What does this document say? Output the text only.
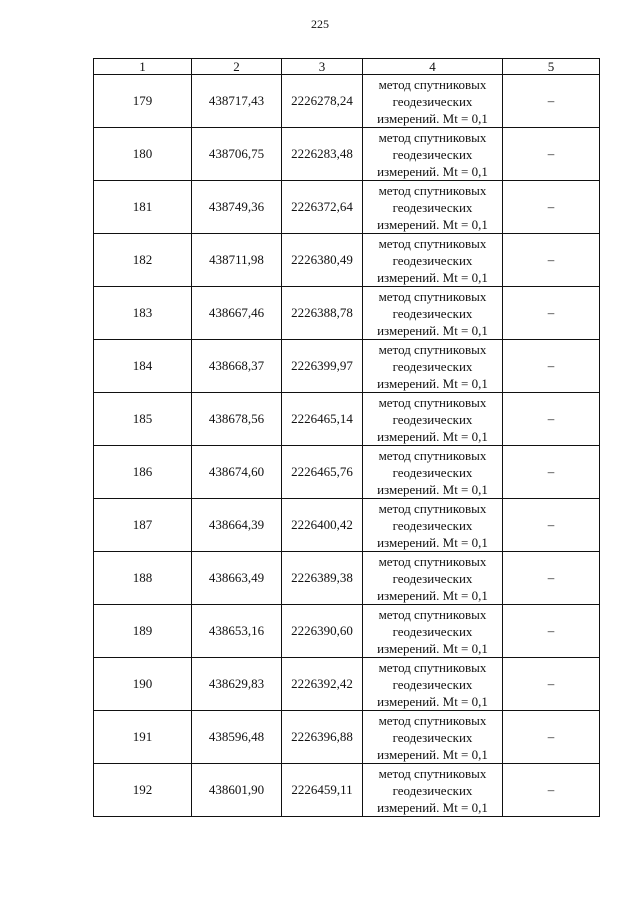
225
1	2	3	4	5
179	438717,43	2226278,24	метод спутниковых
геодезических
измерений. Mt = 0,1	–
180	438706,75	2226283,48	метод спутниковых
геодезических
измерений. Mt = 0,1	–
181	438749,36	2226372,64	метод спутниковых
геодезических
измерений. Mt = 0,1	–
182	438711,98	2226380,49	метод спутниковых
геодезических
измерений. Mt = 0,1	–
183	438667,46	2226388,78	метод спутниковых
геодезических
измерений. Mt = 0,1	–
184	438668,37	2226399,97	метод спутниковых
геодезических
измерений. Mt = 0,1	–
185	438678,56	2226465,14	метод спутниковых
геодезических
измерений. Mt = 0,1	–
186	438674,60	2226465,76	метод спутниковых
геодезических
измерений. Mt = 0,1	–
187	438664,39	2226400,42	метод спутниковых
геодезических
измерений. Mt = 0,1	–
188	438663,49	2226389,38	метод спутниковых
геодезических
измерений. Mt = 0,1	–
189	438653,16	2226390,60	метод спутниковых
геодезических
измерений. Mt = 0,1	–
190	438629,83	2226392,42	метод спутниковых
геодезических
измерений. Mt = 0,1	–
191	438596,48	2226396,88	метод спутниковых
геодезических
измерений. Mt = 0,1	–
192	438601,90	2226459,11	метод спутниковых
геодезических
измерений. Mt = 0,1	–
